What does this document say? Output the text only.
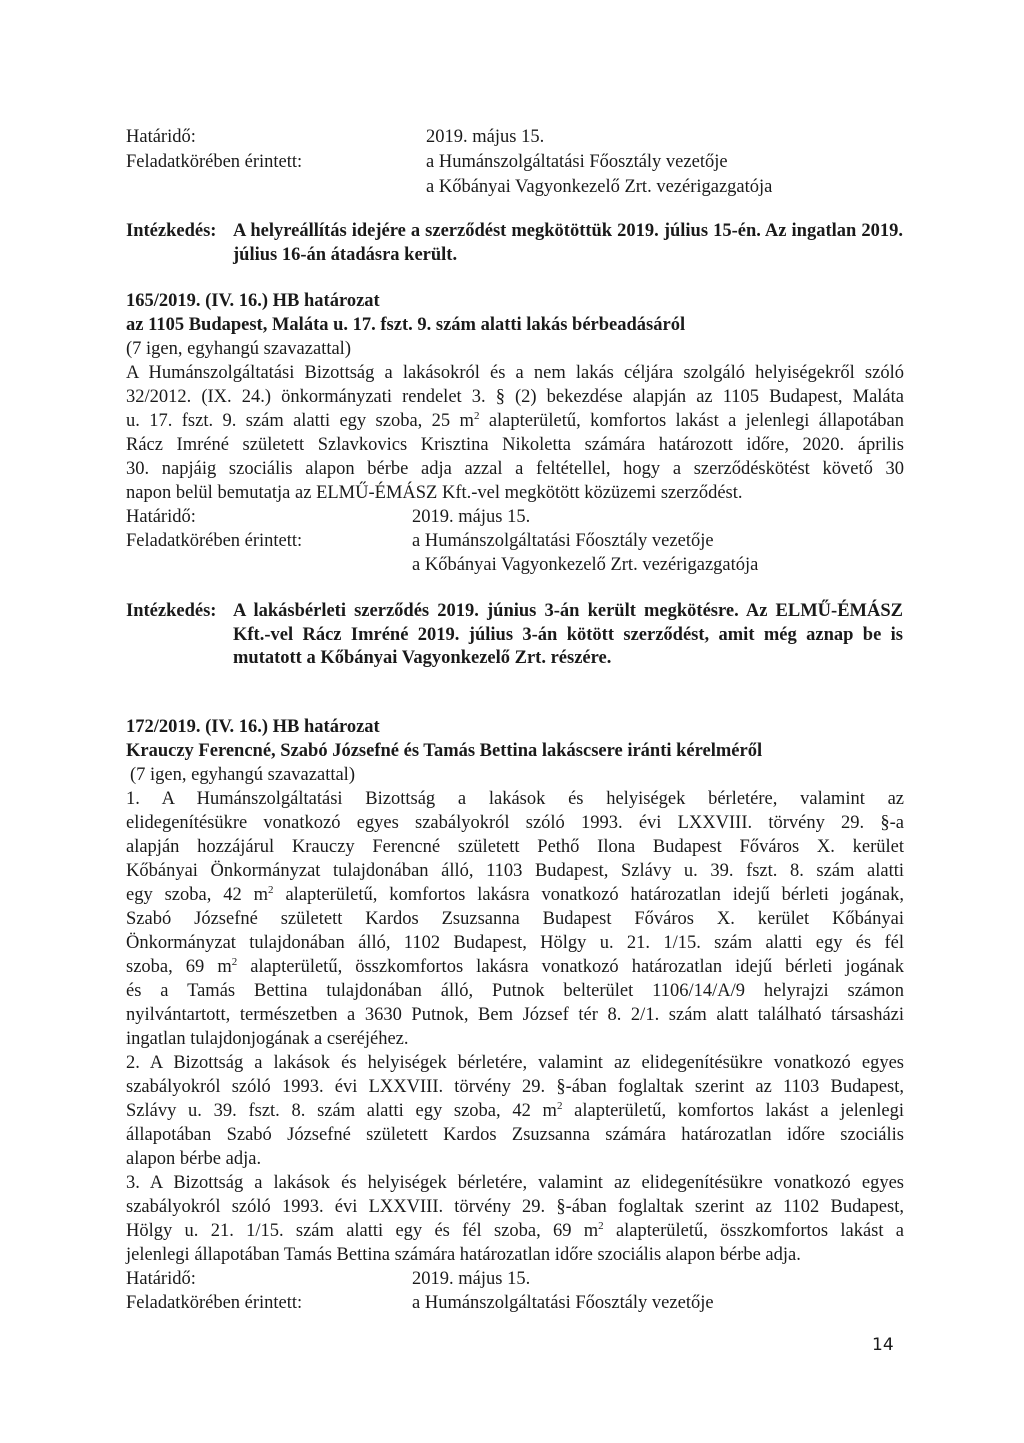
Határidő:	2019. május 15.
Feladatkörében érintett:	a Humánszolgáltatási Főosztály vezetője
a Kőbányai Vagyonkezelő Zrt. vezérigazgatója
Intézkedés: A helyreállítás idejére a szerződést megkötöttük 2019. július 15-én. Az ingatlan 2019. július 16-án átadásra került.
165/2019. (IV. 16.) HB határozat
az 1105 Budapest, Maláta u. 17. fszt. 9. szám alatti lakás bérbeadásáról
(7 igen, egyhangú szavazattal)
A Humánszolgáltatási Bizottság a lakásokról és a nem lakás céljára szolgáló helyiségekről szóló
32/2012. (IX. 24.) önkormányzati rendelet 3. § (2) bekezdése alapján az 1105 Budapest, Maláta
u. 17. fszt. 9. szám alatti egy szoba, 25 $m^2$ alapterületű, komfortos lakást a jelenlegi állapotában
Rácz Imréné született Szlavkovics Krisztina Nikoletta számára határozott időre, 2020. április
30. napjáig szociális alapon bérbe adja azzal a feltétellel, hogy a szerződéskötést követő 30
napon belül bemutatja az ELMŰ-ÉMÁSZ Kft.-vel megkötött közüzemi szerződést.
Határidő:	2019. május 15.
Feladatkörében érintett:	a Humánszolgáltatási Főosztály vezetője
a Kőbányai Vagyonkezelő Zrt. vezérigazgatója
Intézkedés: A lakásbérleti szerződés 2019. június 3-án került megkötésre. Az ELMŰ-ÉMÁSZ Kft.-vel Rácz Imréné 2019. július 3-án kötött szerződést, amit még aznap be is mutatott a Kőbányai Vagyonkezelő Zrt. részére.
172/2019. (IV. 16.) HB határozat
Krauczy Ferencné, Szabó Józsefné és Tamás Bettina lakáscsere iránti kérelméről
(7 igen, egyhangú szavazattal)
1. A Humánszolgáltatási Bizottság a lakások és helyiségek bérletére, valamint az
elidegenítésükre vonatkozó egyes szabályokról szóló 1993. évi LXXVIII. törvény 29. §-a
alapján hozzájárul Krauczy Ferencné született Pethő Ilona Budapest Főváros X. kerület
Kőbányai Önkormányzat tulajdonában álló, 1103 Budapest, Szlávy u. 39. fszt. 8. szám alatti
egy szoba, 42 $m^2$ alapterületű, komfortos lakásra vonatkozó határozatlan idejű bérleti jogának,
Szabó Józsefné született Kardos Zsuzsanna Budapest Főváros X. kerület Kőbányai
Önkormányzat tulajdonában álló, 1102 Budapest, Hölgy u. 21. 1/15. szám alatti egy és fél
szoba, 69 $m^2$ alapterületű, összkomfortos lakásra vonatkozó határozatlan idejű bérleti jogának
és a Tamás Bettina tulajdonában álló, Putnok belterület 1106/14/A/9 helyrajzi számon
nyilvántartott, természetben a 3630 Putnok, Bem József tér 8. 2/1. szám alatt található társasházi
ingatlan tulajdonjogának a cseréjéhez.
2. A Bizottság a lakások és helyiségek bérletére, valamint az elidegenítésükre vonatkozó egyes
szabályokról szóló 1993. évi LXXVIII. törvény 29. §-ában foglaltak szerint az 1103 Budapest,
Szlávy u. 39. fszt. 8. szám alatti egy szoba, 42 $m^2$ alapterületű, komfortos lakást a jelenlegi
állapotában Szabó Józsefné született Kardos Zsuzsanna számára határozatlan időre szociális
alapon bérbe adja.
3. A Bizottság a lakások és helyiségek bérletére, valamint az elidegenítésükre vonatkozó egyes
szabályokról szóló 1993. évi LXXVIII. törvény 29. §-ában foglaltak szerint az 1102 Budapest,
Hölgy u. 21. 1/15. szám alatti egy és fél szoba, 69 $m^2$ alapterületű, összkomfortos lakást a
jelenlegi állapotában Tamás Bettina számára határozatlan időre szociális alapon bérbe adja.
Határidő:	2019. május 15.
Feladatkörében érintett:	a Humánszolgáltatási Főosztály vezetője
14
